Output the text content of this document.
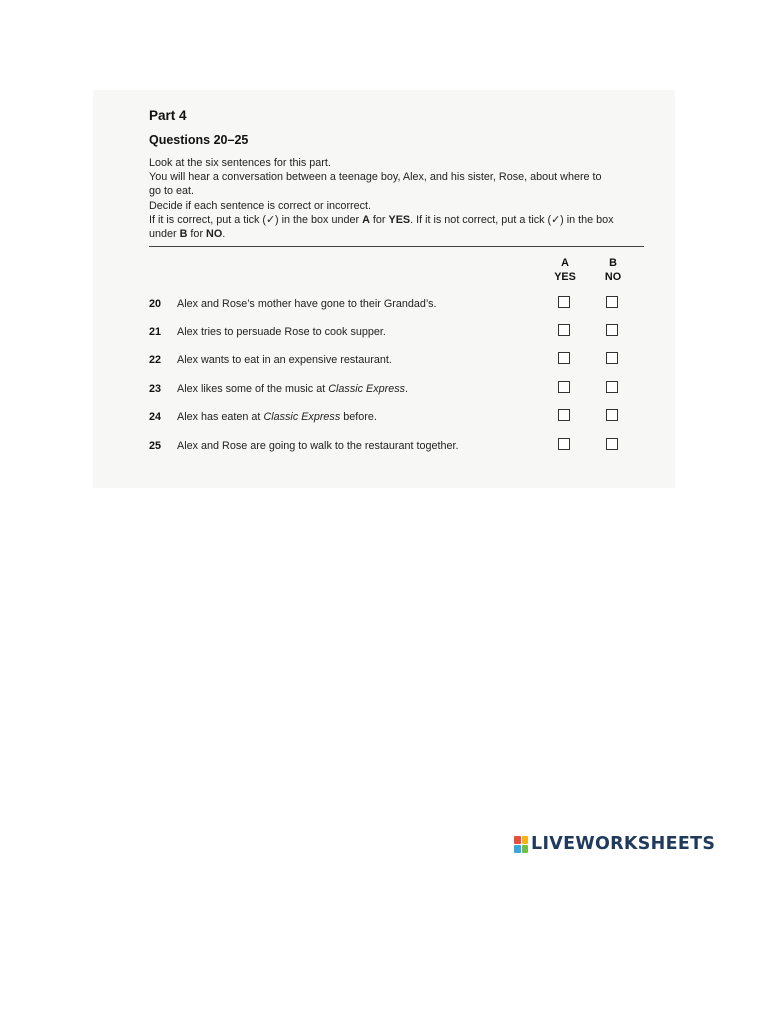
Part 4
Questions 20–25
Look at the six sentences for this part.
You will hear a conversation between a teenage boy, Alex, and his sister, Rose, about where to
go to eat.
Decide if each sentence is correct or incorrect.
If it is correct, put a tick (✓) in the box under A for YES. If it is not correct, put a tick (✓) in the box
under B for NO.
A
YES
B
NO
20 Alex and Rose’s mother have gone to their Grandad’s.
21 Alex tries to persuade Rose to cook supper.
22 Alex wants to eat in an expensive restaurant.
23 Alex likes some of the music at Classic Express.
24 Alex has eaten at Classic Express before.
25 Alex and Rose are going to walk to the restaurant together.
LIVEWORKSHEETS
